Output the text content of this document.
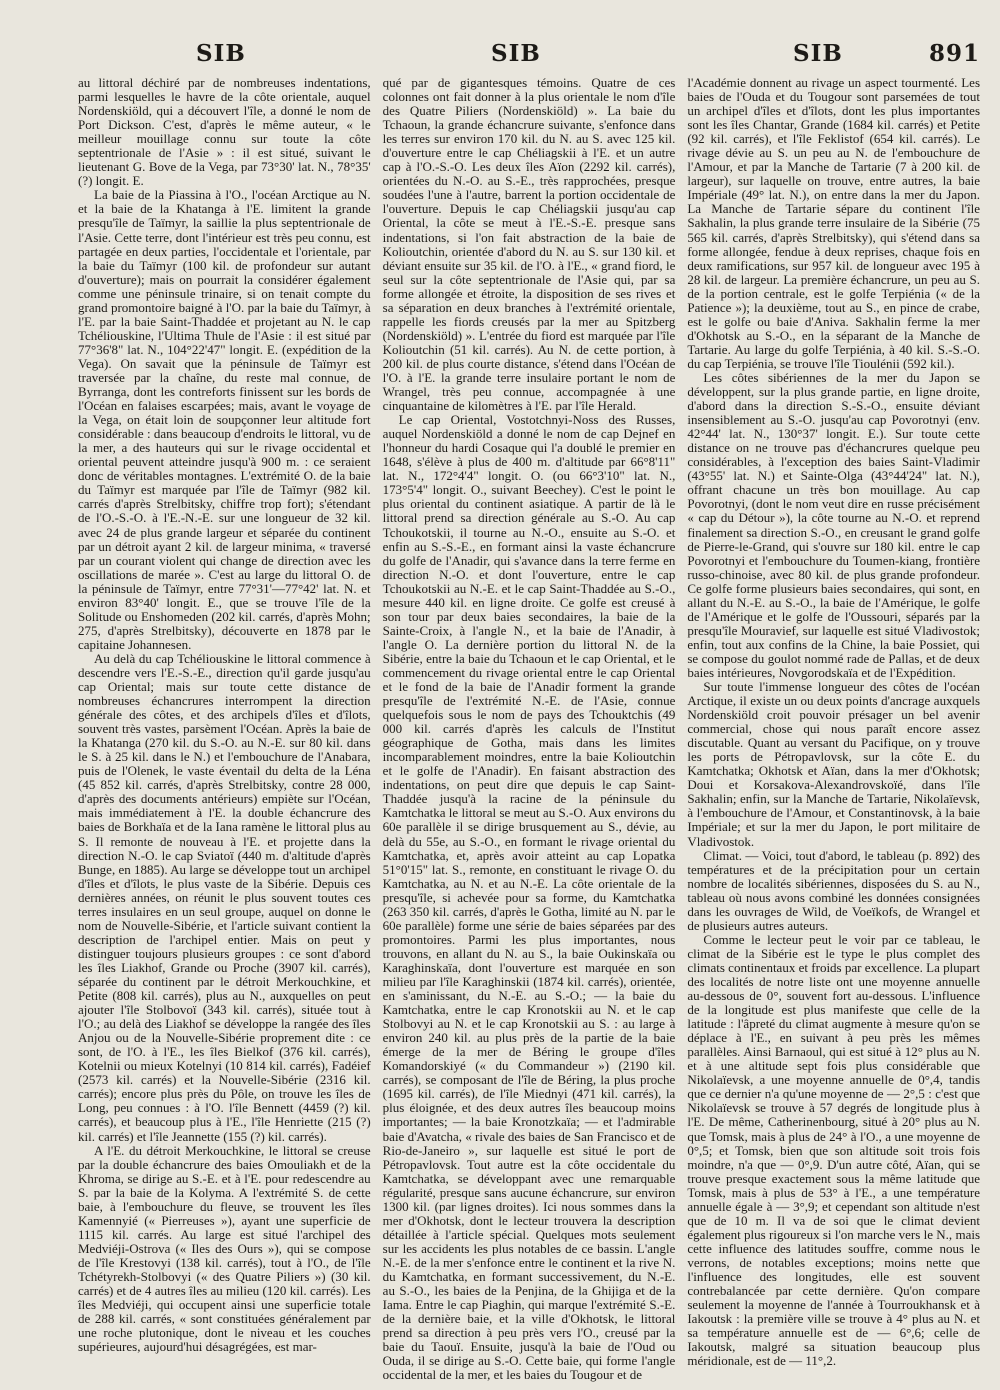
SIB	SIB	SIB	891

au littoral déchiré par de nombreuses indentations, parmi lesquelles le havre de la côte orientale, auquel Nordenskiöld, qui a découvert l'île, a donné le nom de Port Dickson. C'est, d'après le même auteur, « le meilleur mouillage connu sur toute la côte septentrionale de l'Asie » : il est situé, suivant le lieutenant G. Bove de la Vega, par 73°30' lat. N., 78°35' (?) longit. E.

La baie de la Piassina à l'O., l'océan Arctique au N. et la baie de la Khatanga à l'E. limitent la grande presqu'île de Taïmyr, la saillie la plus septentrionale de l'Asie. Cette terre, dont l'intérieur est très peu connu, est partagée en deux parties, l'occidentale et l'orientale, par la baie du Taïmyr (100 kil. de profondeur sur autant d'ouverture); mais on pourrait la considérer également comme une péninsule trinaire, si on tenait compte du grand promontoire baigné à l'O. par la baie du Taïmyr, à l'E. par la baie Saint-Thaddée et projetant au N. le cap Tchéliouskine, l'Ultima Thule de l'Asie : il est situé par 77°36'8" lat. N., 104°22'47" longit. E. (expédition de la Vega). On savait que la péninsule de Taïmyr est traversée par la chaîne, du reste mal connue, de Byrranga, dont les contreforts finissent sur les bords de l'Océan en falaises escarpées; mais, avant le voyage de la Vega, on était loin de soupçonner leur altitude fort considérable : dans beaucoup d'endroits le littoral, vu de la mer, a des hauteurs qui sur le rivage occidental et oriental peuvent atteindre jusqu'à 900 m. : ce seraient donc de véritables montagnes. L'extrémité O. de la baie du Taïmyr est marquée par l'île de Taïmyr (982 kil. carrés d'après Strelbitsky, chiffre trop fort); s'étendant de l'O.-S.-O. à l'E.-N.-E. sur une longueur de 32 kil. avec 24 de plus grande largeur et séparée du continent par un détroit ayant 2 kil. de largeur minima, « traversé par un courant violent qui change de direction avec les oscillations de marée ». C'est au large du littoral O. de la péninsule de Taïmyr, entre 77°31'—77°42' lat. N. et environ 83°40' longit. E., que se trouve l'île de la Solitude ou Enshomeden (202 kil. carrés, d'après Mohn; 275, d'après Strelbitsky), découverte en 1878 par le capitaine Johannesen.

Au delà du cap Tchéliouskine le littoral commence à descendre vers l'E.-S.-E., direction qu'il garde jusqu'au cap Oriental; mais sur toute cette distance de nombreuses échancrures interrompent la direction générale des côtes, et des archipels d'îles et d'îlots, souvent très vastes, parsèment l'Océan. Après la baie de la Khatanga (270 kil. du S.-O. au N.-E. sur 80 kil. dans le S. à 25 kil. dans le N.) et l'embouchure de l'Anabara, puis de l'Olenek, le vaste éventail du delta de la Léna (45 852 kil. carrés, d'après Strelbitsky, contre 28 000, d'après des documents antérieurs) empiète sur l'Océan, mais immédiatement à l'E. la double échancrure des baies de Borkhaïa et de la Iana ramène le littoral plus au S. Il remonte de nouveau à l'E. et projette dans la direction N.-O. le cap Sviatoï (440 m. d'altitude d'après Bunge, en 1885). Au large se développe tout un archipel d'îles et d'îlots, le plus vaste de la Sibérie. Depuis ces dernières années, on réunit le plus souvent toutes ces terres insulaires en un seul groupe, auquel on donne le nom de Nouvelle-Sibérie, et l'article suivant contient la description de l'archipel entier. Mais on peut y distinguer toujours plusieurs groupes : ce sont d'abord les îles Liakhof, Grande ou Proche (3907 kil. carrés), séparée du continent par le détroit Merkouchkine, et Petite (808 kil. carrés), plus au N., auxquelles on peut ajouter l'île Stolbovoï (343 kil. carrés), située tout à l'O.; au delà des Liakhof se développe la rangée des îles Anjou ou de la Nouvelle-Sibérie proprement dite : ce sont, de l'O. à l'E., les îles Bielkof (376 kil. carrés), Kotelnii ou mieux Kotelnyi (10 814 kil. carrés), Fadéief (2573 kil. carrés) et la Nouvelle-Sibérie (2316 kil. carrés); encore plus près du Pôle, on trouve les îles de Long, peu connues : à l'O. l'île Bennett (4459 (?) kil. carrés), et beaucoup plus à l'E., l'île Henriette (215 (?) kil. carrés) et l'île Jeannette (155 (?) kil. carrés).

A l'E. du détroit Merkouchkine, le littoral se creuse par la double échancrure des baies Omouliakh et de la Khroma, se dirige au S.-E. et à l'E. pour redescendre au S. par la baie de la Kolyma. A l'extrémité S. de cette baie, à l'embouchure du fleuve, se trouvent les îles Kamennyié (« Pierreuses »), ayant une superficie de 1115 kil. carrés. Au large est situé l'archipel des Medviéji-Ostrova (« Iles des Ours »), qui se compose de l'île Krestovyi (138 kil. carrés), tout à l'O., de l'île Tchétyrekh-Stolbovyi (« des Quatre Piliers ») (30 kil. carrés) et de 4 autres îles au milieu (120 kil. carrés). Les îles Medviéji, qui occupent ainsi une superficie totale de 288 kil. carrés, « sont constituées généralement par une roche plutonique, dont le niveau et les couches supérieures, aujourd'hui désagrégées, est mar-

qué par de gigantesques témoins. Quatre de ces colonnes ont fait donner à la plus orientale le nom d'île des Quatre Piliers (Nordenskiöld) ». La baie du Tchaoun, la grande échancrure suivante, s'enfonce dans les terres sur environ 170 kil. du N. au S. avec 125 kil. d'ouverture entre le cap Chéliagskii à l'E. et un autre cap à l'O.-S.-O. Les deux îles Aïon (2292 kil. carrés), orientées du N.-O. au S.-E., très rapprochées, presque soudées l'une à l'autre, barrent la portion occidentale de l'ouverture. Depuis le cap Chéliagskii jusqu'au cap Oriental, la côte se meut à l'E.-S.-E. presque sans indentations, si l'on fait abstraction de la baie de Kolioutchin, orientée d'abord du N. au S. sur 130 kil. et déviant ensuite sur 35 kil. de l'O. à l'E., « grand fiord, le seul sur la côte septentrionale de l'Asie qui, par sa forme allongée et étroite, la disposition de ses rives et sa séparation en deux branches à l'extrémité orientale, rappelle les fiords creusés par la mer au Spitzberg (Nordenskiöld) ». L'entrée du fiord est marquée par l'île Kolioutchin (51 kil. carrés). Au N. de cette portion, à 200 kil. de plus courte distance, s'étend dans l'Océan de l'O. à l'E. la grande terre insulaire portant le nom de Wrangel, très peu connue, accompagnée à une cinquantaine de kilomètres à l'E. par l'île Herald.

Le cap Oriental, Vostotchnyi-Noss des Russes, auquel Nordenskiöld a donné le nom de cap Dejnef en l'honneur du hardi Cosaque qui l'a doublé le premier en 1648, s'élève à plus de 400 m. d'altitude par 66°8'11" lat. N., 172°4'4" longit. O. (ou 66°3'10" lat. N., 173°5'4" longit. O., suivant Beechey). C'est le point le plus oriental du continent asiatique. A partir de là le littoral prend sa direction générale au S.-O. Au cap Tchoukotskii, il tourne au N.-O., ensuite au S.-O. et enfin au S.-S.-E., en formant ainsi la vaste échancrure du golfe de l'Anadir, qui s'avance dans la terre ferme en direction N.-O. et dont l'ouverture, entre le cap Tchoukotskii au N.-E. et le cap Saint-Thaddée au S.-O., mesure 440 kil. en ligne droite. Ce golfe est creusé à son tour par deux baies secondaires, la baie de la Sainte-Croix, à l'angle N., et la baie de l'Anadir, à l'angle O. La dernière portion du littoral N. de la Sibérie, entre la baie du Tchaoun et le cap Oriental, et le commencement du rivage oriental entre le cap Oriental et le fond de la baie de l'Anadir forment la grande presqu'île de l'extrémité N.-E. de l'Asie, connue quelquefois sous le nom de pays des Tchouktchis (49 000 kil. carrés d'après les calculs de l'Institut géographique de Gotha, mais dans les limites incomparablement moindres, entre la baie Kolioutchin et le golfe de l'Anadir). En faisant abstraction des indentations, on peut dire que depuis le cap Saint-Thaddée jusqu'à la racine de la péninsule du Kamtchatka le littoral se meut au S.-O. Aux environs du 60e parallèle il se dirige brusquement au S., dévie, au delà du 55e, au S.-O., en formant le rivage oriental du Kamtchatka, et, après avoir atteint au cap Lopatka 51°0'15" lat. S., remonte, en constituant le rivage O. du Kamtchatka, au N. et au N.-E. La côte orientale de la presqu'île, si achevée pour sa forme, du Kamtchatka (263 350 kil. carrés, d'après le Gotha, limité au N. par le 60e parallèle) forme une série de baies séparées par des promontoires. Parmi les plus importantes, nous trouvons, en allant du N. au S., la baie Oukinskaïa ou Karaghinskaïa, dont l'ouverture est marquée en son milieu par l'île Karaghinskii (1874 kil. carrés), orientée, en s'aminissant, du N.-E. au S.-O.; — la baie du Kamtchatka, entre le cap Kronotskii au N. et le cap Stolbovyi au N. et le cap Kronotskii au S. : au large à environ 240 kil. au plus près de la partie de la baie émerge de la mer de Béring le groupe d'îles Komandorskiyé (« du Commandeur ») (2190 kil. carrés), se composant de l'île de Béring, la plus proche (1695 kil. carrés), de l'île Miednyi (471 kil. carrés), la plus éloignée, et des deux autres îles beaucoup moins importantes; — la baie Kronotzkaïa; — et l'admirable baie d'Avatcha, « rivale des baies de San Francisco et de Rio-de-Janeiro », sur laquelle est situé le port de Pétropavlovsk. Tout autre est la côte occidentale du Kamtchatka, se développant avec une remarquable régularité, presque sans aucune échancrure, sur environ 1300 kil. (par lignes droites). Ici nous sommes dans la mer d'Okhotsk, dont le lecteur trouvera la description détaillée à l'article spécial. Quelques mots seulement sur les accidents les plus notables de ce bassin. L'angle N.-E. de la mer s'enfonce entre le continent et la rive N. du Kamtchatka, en formant successivement, du N.-E. au S.-O., les baies de la Penjina, de la Ghijiga et de la Iama. Entre le cap Piaghin, qui marque l'extrémité S.-E. de la dernière baie, et la ville d'Okhotsk, le littoral prend sa direction à peu près vers l'O., creusé par la baie du Taouï. Ensuite, jusqu'à la baie de l'Oud ou Ouda, il se dirige au S.-O. Cette baie, qui forme l'angle occidental de la mer, et les baies du Tougour et de

l'Académie donnent au rivage un aspect tourmenté. Les baies de l'Ouda et du Tougour sont parsemées de tout un archipel d'îles et d'îlots, dont les plus importantes sont les îles Chantar, Grande (1684 kil. carrés) et Petite (92 kil. carrés), et l'île Feklistof (654 kil. carrés). Le rivage dévie au S. un peu au N. de l'embouchure de l'Amour, et par la Manche de Tartarie (7 à 200 kil. de largeur), sur laquelle on trouve, entre autres, la baie Impériale (49° lat. N.), on entre dans la mer du Japon. La Manche de Tartarie sépare du continent l'île Sakhalin, la plus grande terre insulaire de la Sibérie (75 565 kil. carrés, d'après Strelbitsky), qui s'étend dans sa forme allongée, fendue à deux reprises, chaque fois en deux ramifications, sur 957 kil. de longueur avec 195 à 28 kil. de largeur. La première échancrure, un peu au S. de la portion centrale, est le golfe Terpiénia (« de la Patience »); la deuxième, tout au S., en pince de crabe, est le golfe ou baie d'Aniva. Sakhalin ferme la mer d'Okhotsk au S.-O., en la séparant de la Manche de Tartarie. Au large du golfe Terpiénia, à 40 kil. S.-S.-O. du cap Terpiénia, se trouve l'île Tioulénii (592 kil.).

Les côtes sibériennes de la mer du Japon se développent, sur la plus grande partie, en ligne droite, d'abord dans la direction S.-S.-O., ensuite déviant insensiblement au S.-O. jusqu'au cap Povorotnyi (env. 42°44' lat. N., 130°37' longit. E.). Sur toute cette distance on ne trouve pas d'échancrures quelque peu considérables, à l'exception des baies Saint-Vladimir (43°55' lat. N.) et Sainte-Olga (43°44'24" lat. N.), offrant chacune un très bon mouillage. Au cap Povorotnyi, (dont le nom veut dire en russe précisément « cap du Détour »), la côte tourne au N.-O. et reprend finalement sa direction S.-O., en creusant le grand golfe de Pierre-le-Grand, qui s'ouvre sur 180 kil. entre le cap Povorotnyi et l'embouchure du Toumen-kiang, frontière russo-chinoise, avec 80 kil. de plus grande profondeur. Ce golfe forme plusieurs baies secondaires, qui sont, en allant du N.-E. au S.-O., la baie de l'Amérique, le golfe de l'Amérique et le golfe de l'Oussouri, séparés par la presqu'île Mouravief, sur laquelle est situé Vladivostok; enfin, tout aux confins de la Chine, la baie Possiet, qui se compose du goulot nommé rade de Pallas, et de deux baies intérieures, Novgorodskaïa et de l'Expédition.

Sur toute l'immense longueur des côtes de l'océan Arctique, il existe un ou deux points d'ancrage auxquels Nordenskiöld croit pouvoir présager un bel avenir commercial, chose qui nous paraît encore assez discutable. Quant au versant du Pacifique, on y trouve les ports de Pétropavlovsk, sur la côte E. du Kamtchatka; Okhotsk et Aïan, dans la mer d'Okhotsk; Doui et Korsakova-Alexandrovskoïé, dans l'île Sakhalin; enfin, sur la Manche de Tartarie, Nikolaïevsk, à l'embouchure de l'Amour, et Constantinovsk, à la baie Impériale; et sur la mer du Japon, le port militaire de Vladivostok.

Climat. — Voici, tout d'abord, le tableau (p. 892) des températures et de la précipitation pour un certain nombre de localités sibériennes, disposées du S. au N., tableau où nous avons combiné les données consignées dans les ouvrages de Wild, de Voeïkofs, de Wrangel et de plusieurs autres auteurs.

Comme le lecteur peut le voir par ce tableau, le climat de la Sibérie est le type le plus complet des climats continentaux et froids par excellence. La plupart des localités de notre liste ont une moyenne annuelle au-dessous de 0°, souvent fort au-dessous. L'influence de la longitude est plus manifeste que celle de la latitude : l'âpreté du climat augmente à mesure qu'on se déplace à l'E., en suivant à peu près les mêmes parallèles. Ainsi Barnaoul, qui est situé à 12° plus au N. et à une altitude sept fois plus considérable que Nikolaïevsk, a une moyenne annuelle de 0°,4, tandis que ce dernier n'a qu'une moyenne de — 2°,5 : c'est que Nikolaïevsk se trouve à 57 degrés de longitude plus à l'E. De même, Catherinenbourg, situé à 20° plus au N. que Tomsk, mais à plus de 24° à l'O., a une moyenne de 0°,5; et Tomsk, bien que son altitude soit trois fois moindre, n'a que — 0°,9. D'un autre côté, Aïan, qui se trouve presque exactement sous la même latitude que Tomsk, mais à plus de 53° à l'E., a une température annuelle égale à — 3°,9; et cependant son altitude n'est que de 10 m. Il va de soi que le climat devient également plus rigoureux si l'on marche vers le N., mais cette influence des latitudes souffre, comme nous le verrons, de notables exceptions; moins nette que l'influence des longitudes, elle est souvent contrebalancée par cette dernière. Qu'on compare seulement la moyenne de l'année à Tourroukhansk et à Iakoutsk : la première ville se trouve à 4° plus au N. et sa température annuelle est de — 6°,6; celle de Iakoutsk, malgré sa situation beaucoup plus méridionale, est de — 11°,2.
